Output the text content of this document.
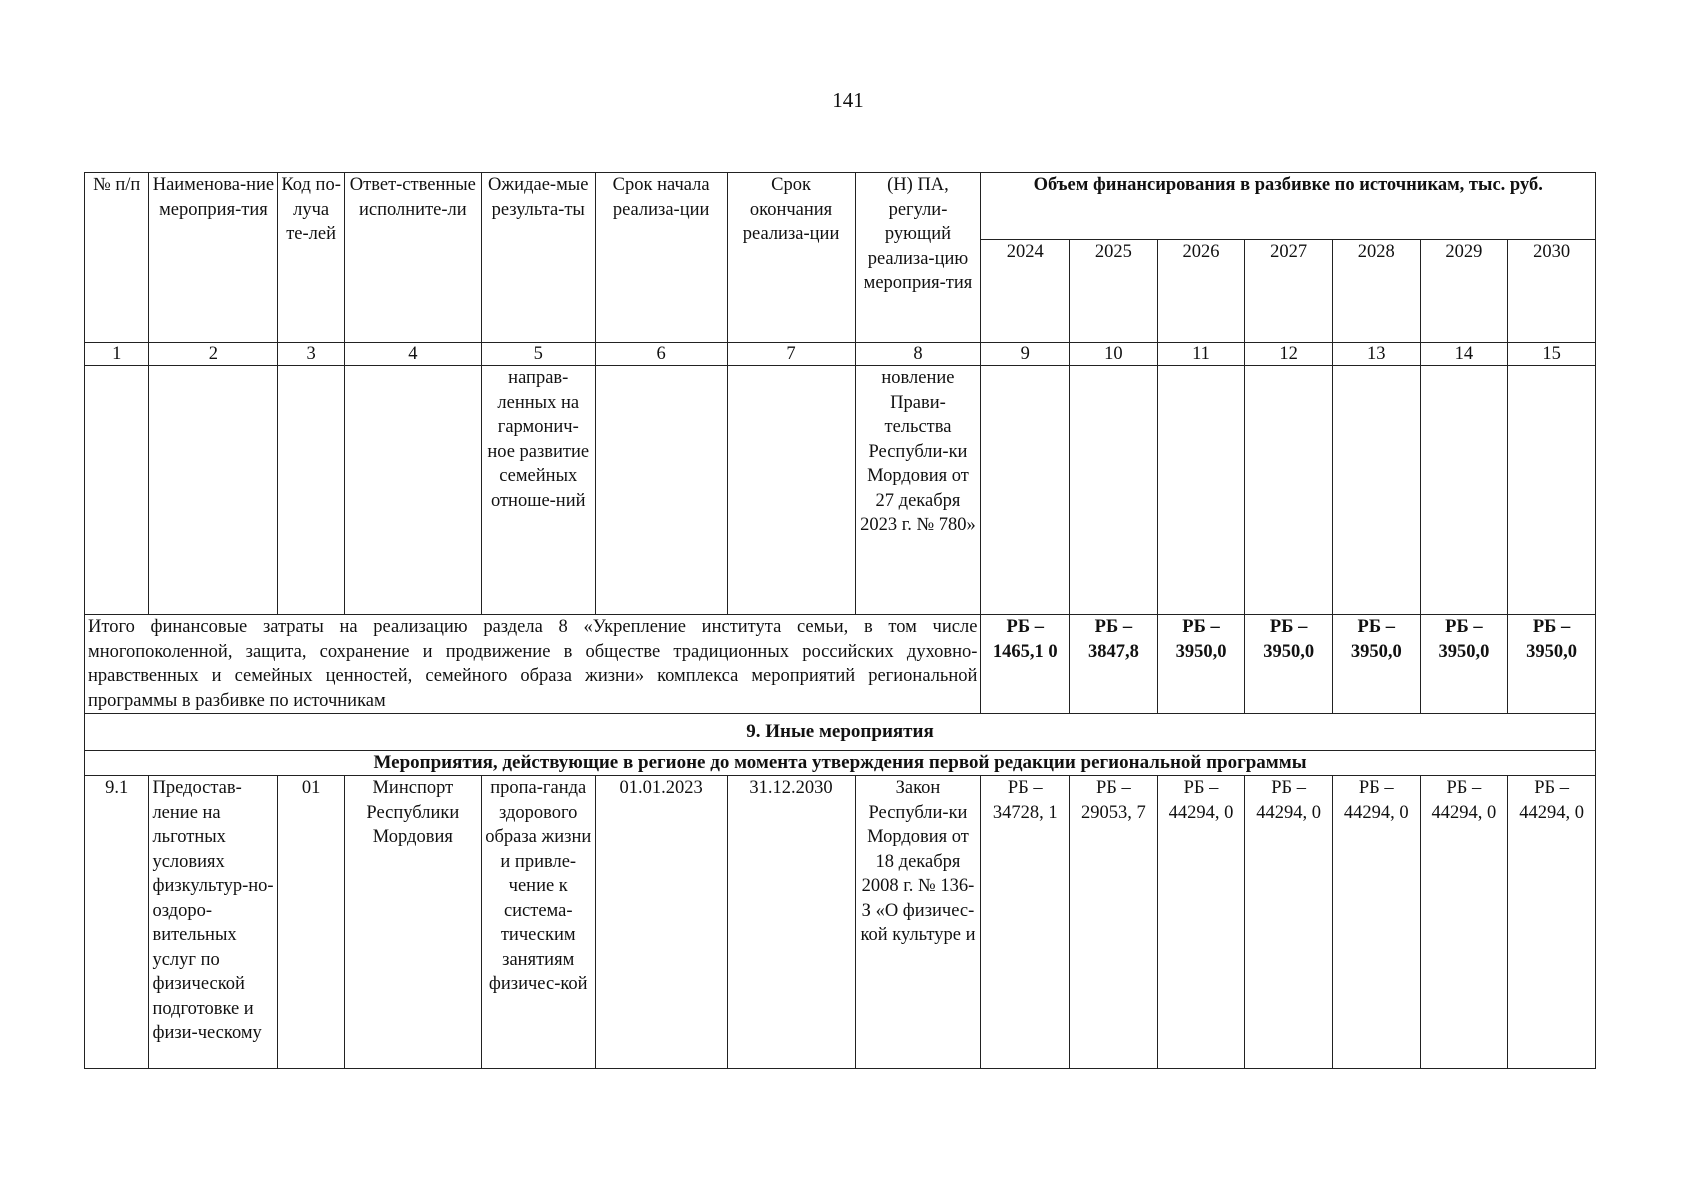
141
№ п/п	Наименова-ние мероприя-тия	Код по-луча те-лей	Ответ-ственные исполните-ли	Ожидае-мые результа-ты	Срок начала реализа-ции	Срок окончания реализа-ции	(Н) ПА, регули-рующий реализа-цию мероприя-тия	Объем финансирования в разбивке по источникам, тыс. руб.						
								2024	2025	2026	2027	2028	2029	2030
1	2	3	4	5	6	7	8	9	10	11	12	13	14	15
				направ-ленных на гармонич-ное развитие семейных отноше-ний			новление Прави-тельства Республи-ки Мордовия от 27 декабря 2023 г. № 780»							
Итого финансовые затраты на реализацию раздела 8 «Укрепление института семьи, в том числе многопоколенной, защита, сохранение и продвижение в обществе традиционных российских духовно-нравственных и семейных ценностей, семейного образа жизни» комплекса мероприятий региональной программы в разбивке по источникам								РБ – 1465,1 0	РБ – 3847,8	РБ – 3950,0	РБ – 3950,0	РБ – 3950,0	РБ – 3950,0	РБ – 3950,0
9. Иные мероприятия														
Мероприятия, действующие в регионе до момента утверждения первой редакции региональной программы														
9.1	Предостав-ление на льготных условиях физкультур-но-оздоро-вительных услуг по физической подготовке и физи-ческому	01	Минспорт Республики Мордовия	пропа-ганда здорового образа жизни и привле-чение к система-тическим занятиям физичес-кой	01.01.2023	31.12.2030	Закон Республи-ки Мордовия от 18 декабря 2008 г. № 136-З «О физичес-кой культуре и	РБ – 34728, 1	РБ – 29053, 7	РБ – 44294, 0	РБ – 44294, 0	РБ – 44294, 0	РБ – 44294, 0	РБ – 44294, 0
